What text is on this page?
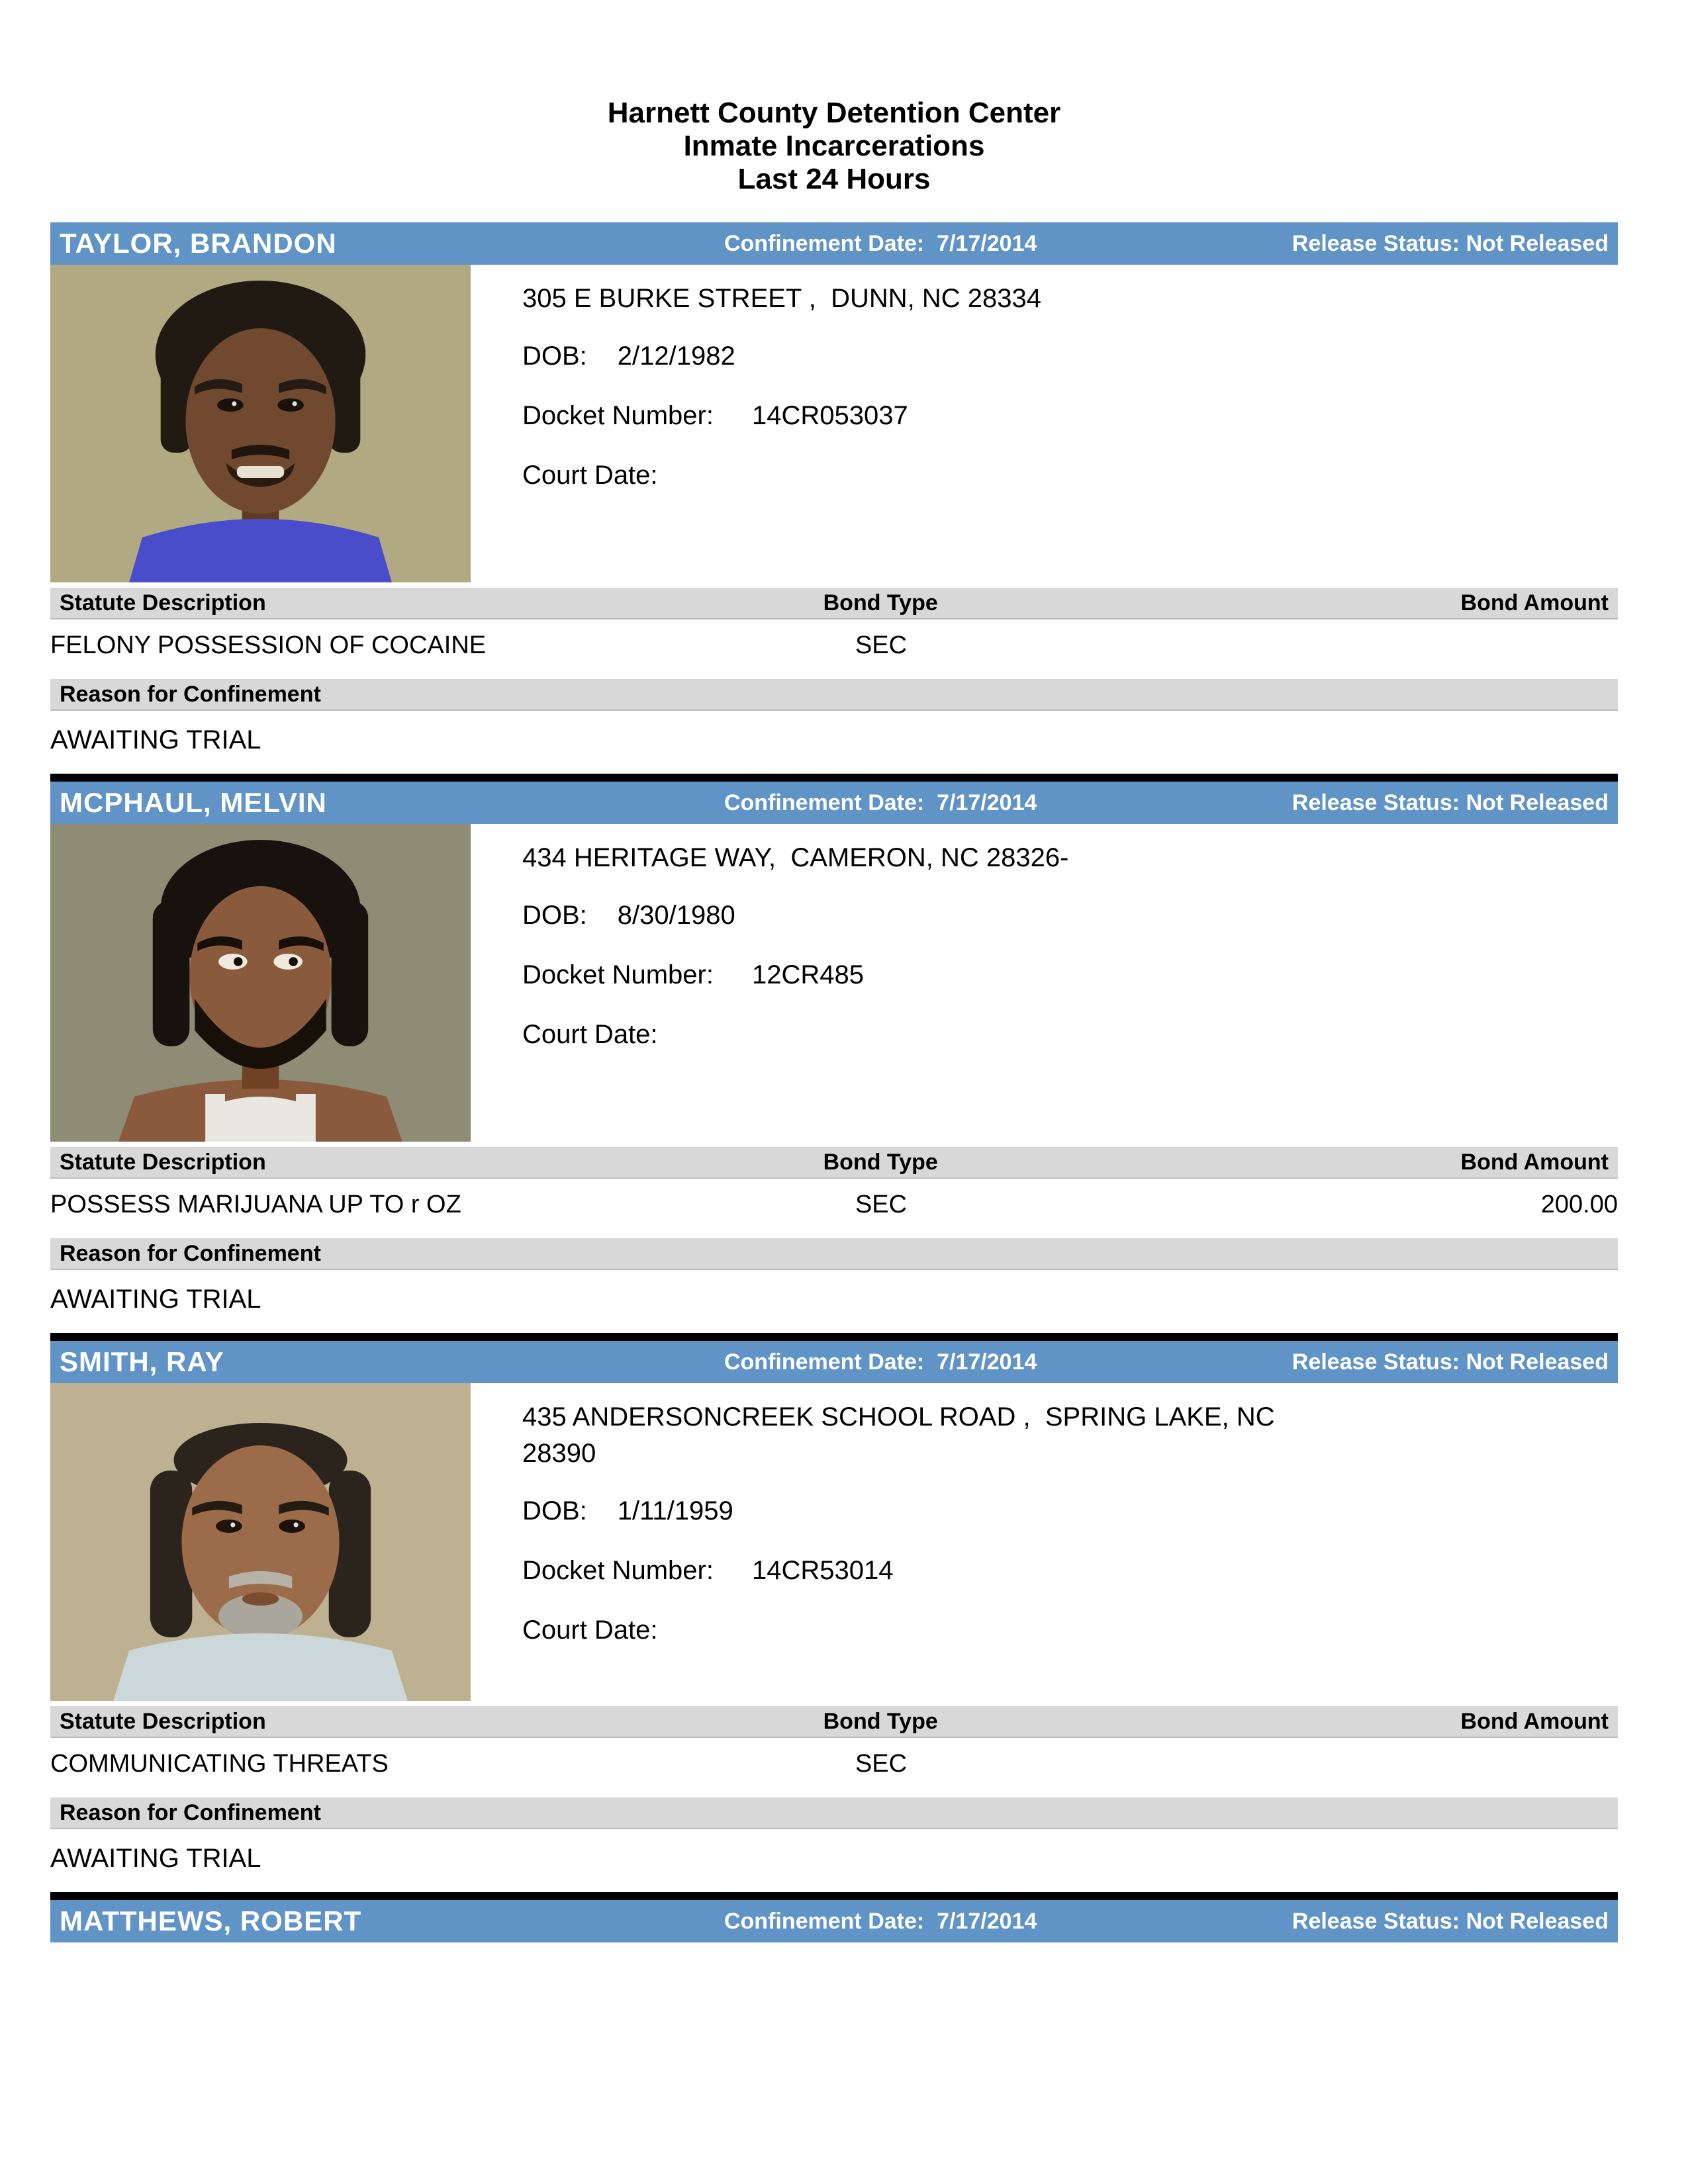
Harnett County Detention Center
Inmate Incarcerations
Last 24 Hours
TAYLOR, BRANDON	Confinement Date: 7/17/2014	Release Status: Not Released
305 E BURKE STREET ,  DUNN, NC 28334
DOB: 2/12/1982
Docket Number: 14CR053037
Court Date:
Statute Description	Bond Type	Bond Amount
FELONY POSSESSION OF COCAINE	SEC
Reason for Confinement
AWAITING TRIAL
MCPHAUL, MELVIN	Confinement Date: 7/17/2014	Release Status: Not Released
434 HERITAGE WAY,  CAMERON, NC 28326-
DOB: 8/30/1980
Docket Number: 12CR485
Court Date:
Statute Description	Bond Type	Bond Amount
POSSESS MARIJUANA UP TO r OZ	SEC	200.00
Reason for Confinement
AWAITING TRIAL
SMITH, RAY	Confinement Date: 7/17/2014	Release Status: Not Released
435 ANDERSONCREEK SCHOOL ROAD ,  SPRING LAKE, NC 28390
DOB: 1/11/1959
Docket Number: 14CR53014
Court Date:
Statute Description	Bond Type	Bond Amount
COMMUNICATING THREATS	SEC
Reason for Confinement
AWAITING TRIAL
MATTHEWS, ROBERT	Confinement Date: 7/17/2014	Release Status: Not Released
